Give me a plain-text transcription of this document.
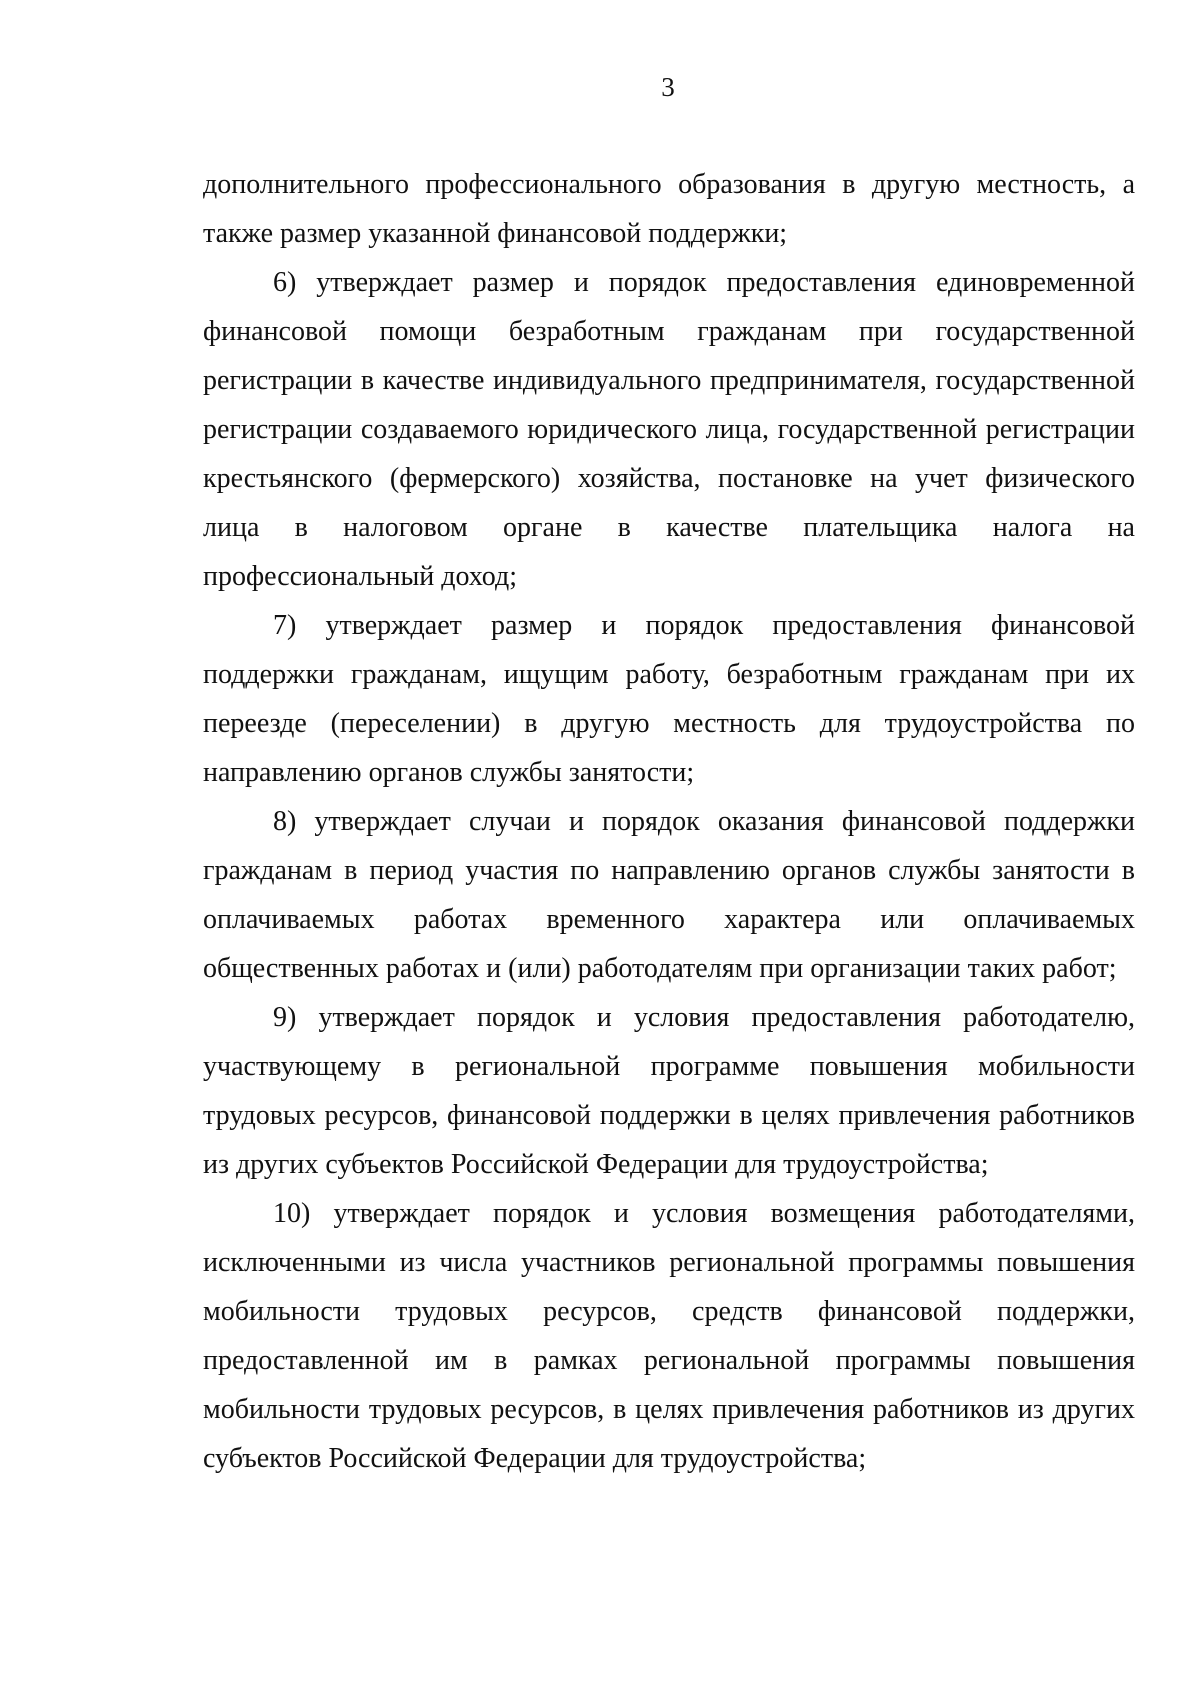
3

дополнительного профессионального образования в другую местность, а также размер указанной финансовой поддержки;

6) утверждает размер и порядок предоставления единовременной финансовой помощи безработным гражданам при государственной регистрации в качестве индивидуального предпринимателя, государственной регистрации создаваемого юридического лица, государственной регистрации крестьянского (фермерского) хозяйства, постановке на учет физического лица в налоговом органе в качестве плательщика налога на профессиональный доход;

7) утверждает размер и порядок предоставления финансовой поддержки гражданам, ищущим работу, безработным гражданам при их переезде (переселении) в другую местность для трудоустройства по направлению органов службы занятости;

8) утверждает случаи и порядок оказания финансовой поддержки гражданам в период участия по направлению органов службы занятости в оплачиваемых работах временного характера или оплачиваемых общественных работах и (или) работодателям при организации таких работ;

9) утверждает порядок и условия предоставления работодателю, участвующему в региональной программе повышения мобильности трудовых ресурсов, финансовой поддержки в целях привлечения работников из других субъектов Российской Федерации для трудоустройства;

10) утверждает порядок и условия возмещения работодателями, исключенными из числа участников региональной программы повышения мобильности трудовых ресурсов, средств финансовой поддержки, предоставленной им в рамках региональной программы повышения мобильности трудовых ресурсов, в целях привлечения работников из других субъектов Российской Федерации для трудоустройства;
